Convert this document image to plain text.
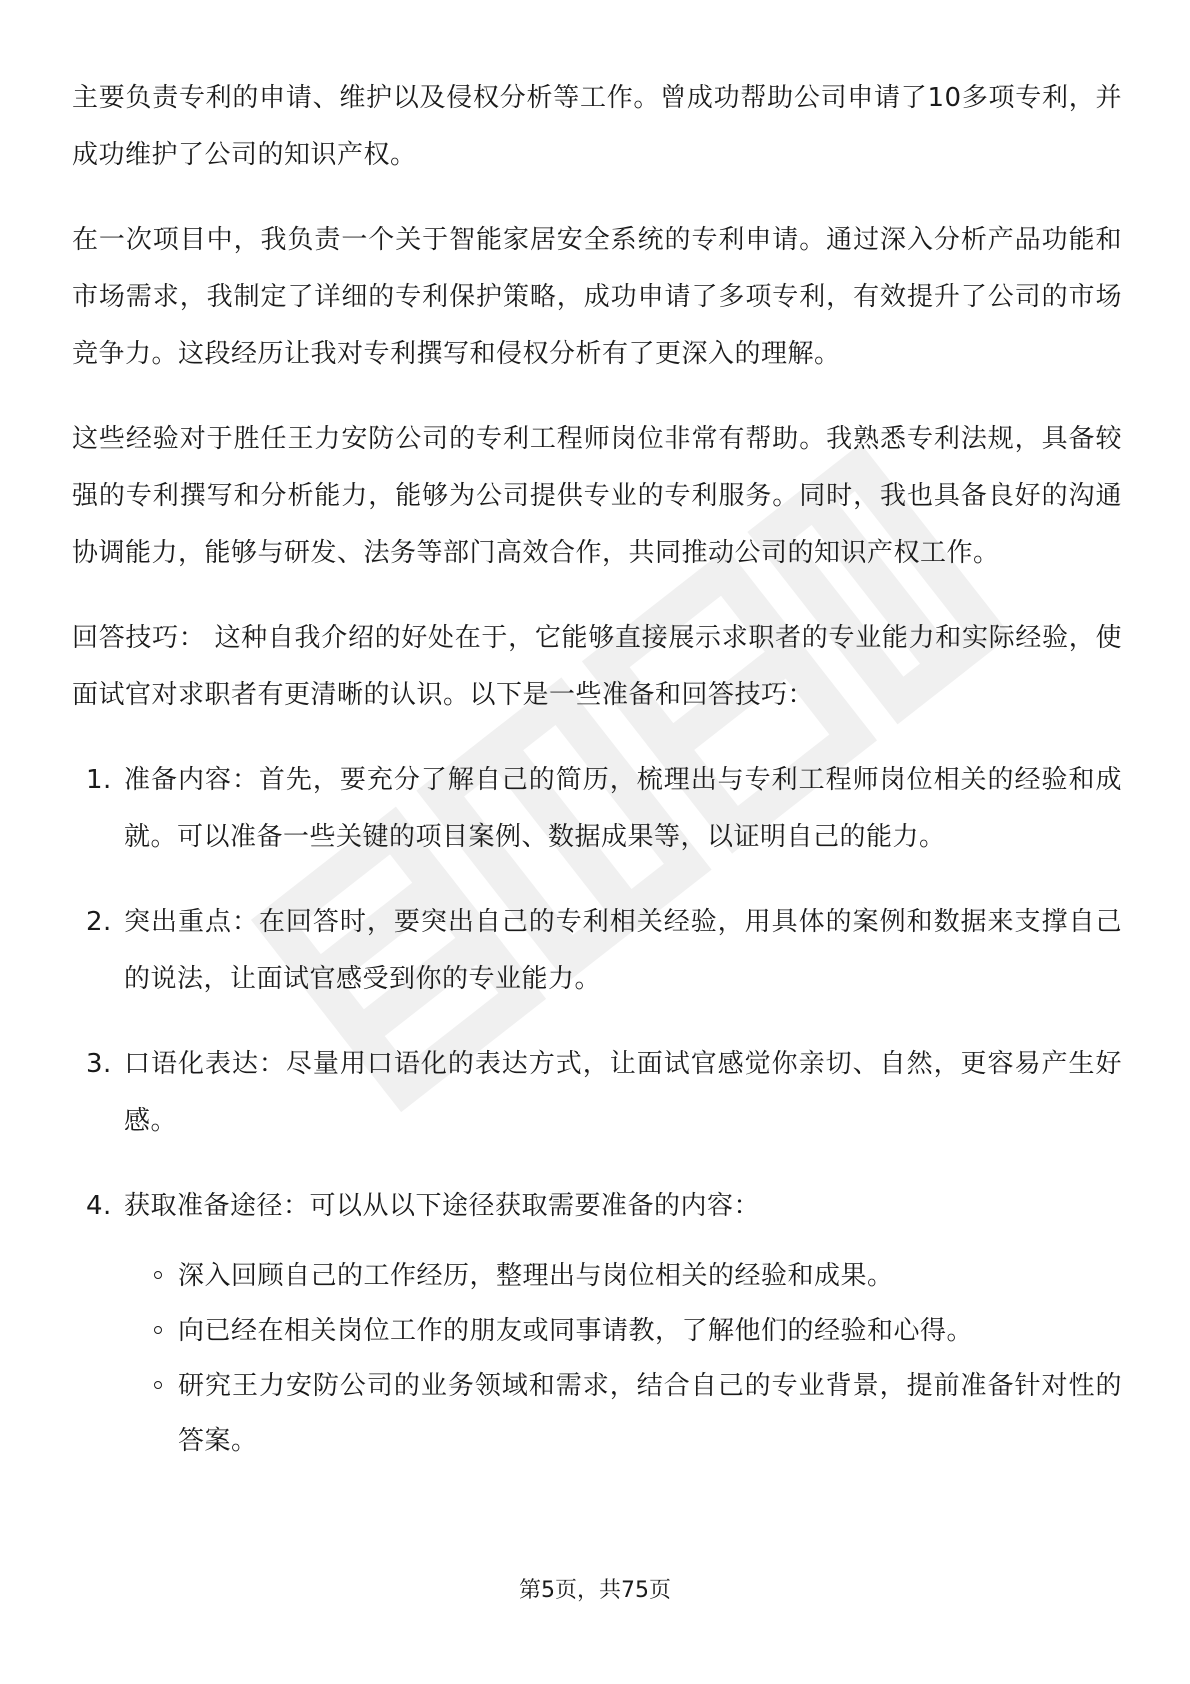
主要负责专利的申请、维护以及侵权分析等工作。曾成功帮助公司申请了10多项专利，并成功维护了公司的知识产权。

在一次项目中，我负责一个关于智能家居安全系统的专利申请。通过深入分析产品功能和市场需求，我制定了详细的专利保护策略，成功申请了多项专利，有效提升了公司的市场竞争力。这段经历让我对专利撰写和侵权分析有了更深入的理解。

这些经验对于胜任王力安防公司的专利工程师岗位非常有帮助。我熟悉专利法规，具备较强的专利撰写和分析能力，能够为公司提供专业的专利服务。同时，我也具备良好的沟通协调能力，能够与研发、法务等部门高效合作，共同推动公司的知识产权工作。

回答技巧： 这种自我介绍的好处在于，它能够直接展示求职者的专业能力和实际经验，使面试官对求职者有更清晰的认识。以下是一些准备和回答技巧：

1. 准备内容：首先，要充分了解自己的简历，梳理出与专利工程师岗位相关的经验和成就。可以准备一些关键的项目案例、数据成果等，以证明自己的能力。
2. 突出重点：在回答时，要突出自己的专利相关经验，用具体的案例和数据来支撑自己的说法，让面试官感受到你的专业能力。
3. 口语化表达：尽量用口语化的表达方式，让面试官感觉你亲切、自然，更容易产生好感。
4. 获取准备途径：可以从以下途径获取需要准备的内容：
深入回顾自己的工作经历，整理出与岗位相关的经验和成果。
向已经在相关岗位工作的朋友或同事请教，了解他们的经验和心得。
研究王力安防公司的业务领域和需求，结合自己的专业背景，提前准备针对性的答案。
第5页，共75页
